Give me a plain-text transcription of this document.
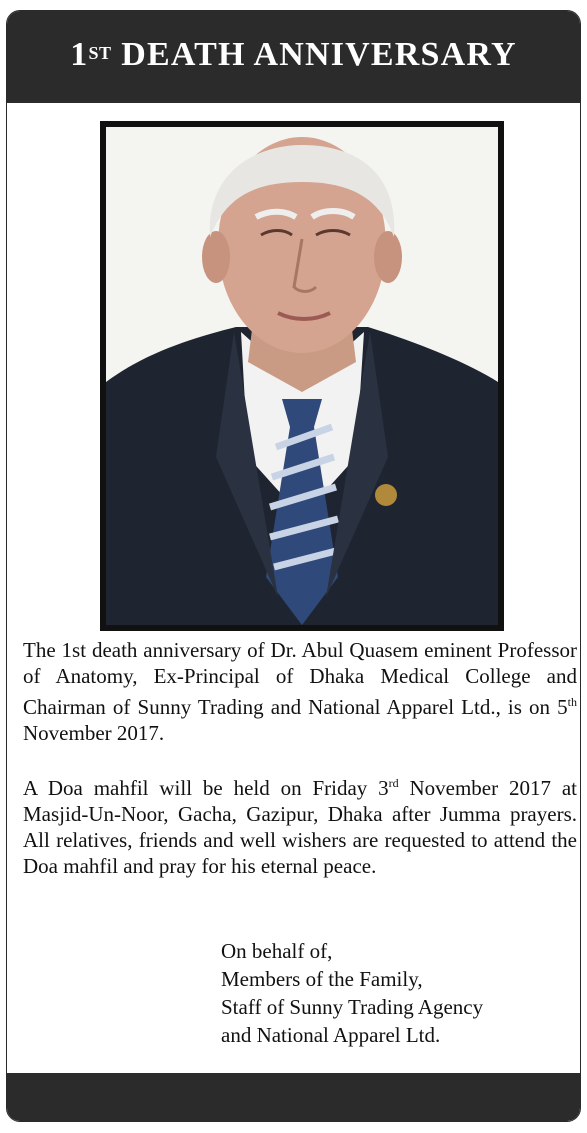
1ST DEATH ANNIVERSARY

The 1st death anniversary of Dr. Abul Quasem eminent Professor of Anatomy, Ex-Principal of Dhaka Medical College and Chairman of Sunny Trading and National Apparel Ltd., is on 5th November 2017.

A Doa mahfil will be held on Friday 3rd November 2017 at Masjid-Un-Noor, Gacha, Gazipur, Dhaka after Jumma prayers. All relatives, friends and well wishers are requested to attend the Doa mahfil and pray for his eternal peace.

On behalf of,
Members of the Family,
Staff of Sunny Trading Agency
and National Apparel Ltd.
